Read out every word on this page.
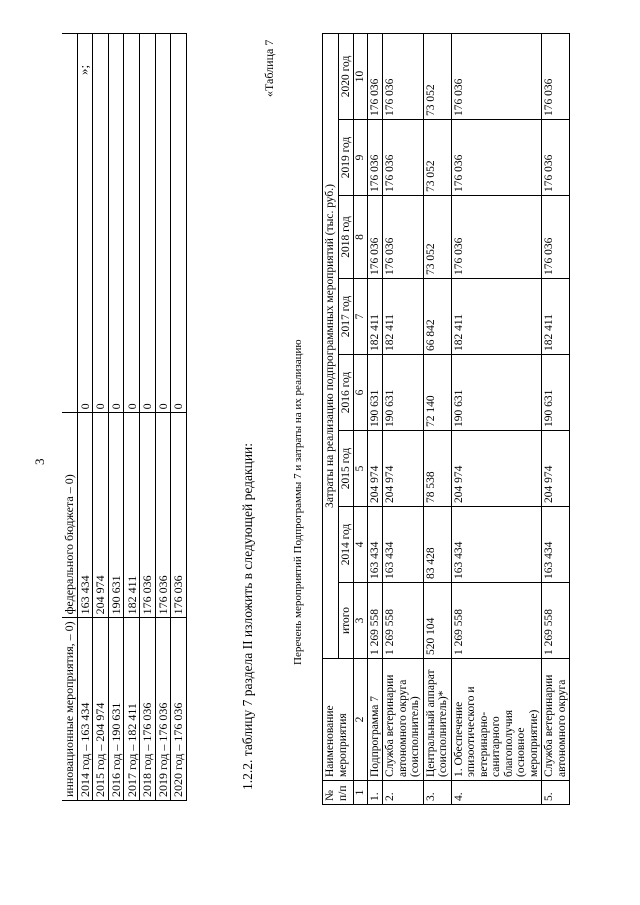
3
инновационные мероприятия, – 0)	федерального бюджета – 0)	
2014 год – 163 434	163 434	0
2015 год – 204 974	204 974	0
2016 год – 190 631	190 631	0
2017 год – 182 411	182 411	0
2018 год – 176 036	176 036	0
2019 год – 176 036	176 036	0
2020 год – 176 036	176 036	0
»;
1.2.2. таблицу 7 раздела II изложить в следующей редакции:
«Таблица 7
Перечень мероприятий Подпрограммы 7 и затраты на их реализацию
№ п/п	Наименование мероприятия	Затраты на реализацию подпрограммных мероприятий (тыс. руб.)							
		итого	2014 год	2015 год	2016 год	2017 год	2018 год	2019 год	2020 год
1	2	3	4	5	6	7	8	9	10
1.	Подпрограмма 7	1 269 558	163 434	204 974	190 631	182 411	176 036	176 036	176 036
2.	Служба ветеринарии автономного округа (соисполнитель)	1 269 558	163 434	204 974	190 631	182 411	176 036	176 036	176 036
3.	Центральный аппарат (соисполнитель)*	520 104	83 428	78 538	72 140	66 842	73 052	73 052	73 052
4.	1. Обеспечение эпизоотического и ветеринарно-санитарного благополучия (основное мероприятие)	1 269 558	163 434	204 974	190 631	182 411	176 036	176 036	176 036
5.	Служба ветеринарии автономного округа	1 269 558	163 434	204 974	190 631	182 411	176 036	176 036	176 036
